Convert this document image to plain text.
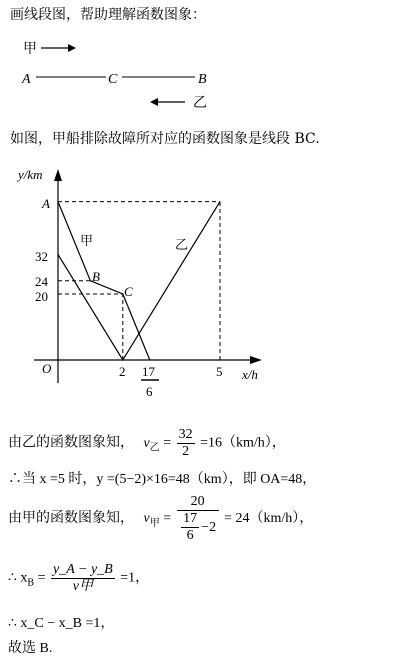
画线段图，帮助理解函数图象：
甲
A	C	B
乙
如图，甲船排除故障所对应的函数图象是线段 BC.
y/km
x/h
O
A
32
24
20
2	5
17
6
B
C
甲	乙
由乙的函数图象知， $v_乙 = \frac{32}{2} =16(km/h)$，
∴当 x =5 时，y =(5−2)×16=48（km），即 OA=48，
由甲的函数图象知， $v_甲 = \frac{20}{\frac{17}{6} -2} = 24(km/h)$，
∴ $x_B = \frac{y\_A - y\_B}{\text{v甲}} =1$，
∴ x_C − x_B =1，
故选 B.
